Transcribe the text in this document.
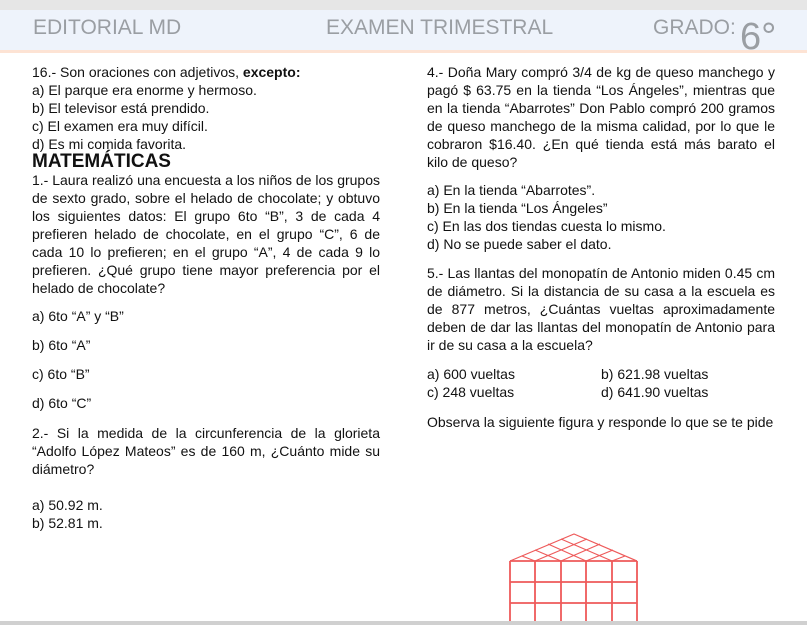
EDITORIAL MD	EXAMEN TRIMESTRAL	GRADO: 6°

16.- Son oraciones con adjetivos, excepto:

a) El parque era enorme y hermoso.

b) El televisor está prendido.

c) El examen era muy difícil.

d) Es mi comida favorita.

MATEMÁTICAS

1.- Laura realizó una encuesta a los niños de los grupos de sexto grado, sobre el helado de chocolate; y obtuvo los siguientes datos: El grupo 6to “B”, 3 de cada 4 prefieren helado de chocolate, en el grupo “C”, 6 de cada 10 lo prefieren; en el grupo “A”, 4 de cada 9 lo prefieren. ¿Qué grupo tiene mayor preferencia por el helado de chocolate?

a) 6to “A” y “B”

b) 6to “A”

c) 6to “B”

d) 6to “C”

2.- Si la medida de la circunferencia de la glorieta “Adolfo López Mateos” es de 160 m, ¿Cuánto mide su diámetro?

a) 50.92 m.

b) 52.81 m.

4.- Doña Mary compró 3/4 de kg de queso manchego y pagó $ 63.75 en la tienda “Los Ángeles”, mientras que en la tienda “Abarrotes” Don Pablo compró 200 gramos de queso manchego de la misma calidad, por lo que le cobraron $16.40. ¿En qué tienda está más barato el kilo de queso?

a) En la tienda “Abarrotes”.

b) En la tienda “Los Ángeles”

c) En las dos tiendas cuesta lo mismo.

d) No se puede saber el dato.

5.- Las llantas del monopatín de Antonio miden 0.45 cm de diámetro. Si la distancia de su casa a la escuela es de 877 metros, ¿Cuántas vueltas aproximadamente deben de dar las llantas del monopatín de Antonio para ir de su casa a la escuela?

a) 600 vueltas	b) 621.98 vueltas

c) 248 vueltas	d) 641.90 vueltas

Observa la siguiente figura y responde lo que se te pide
